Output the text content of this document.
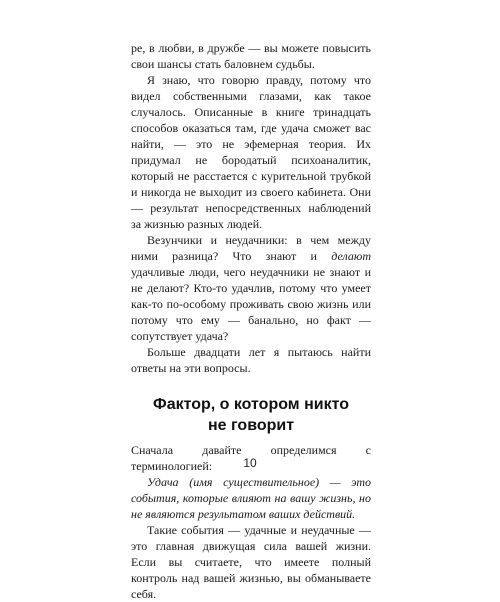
ре, в любви, в дружбе — вы можете повысить свои шансы стать баловнем судьбы.

Я знаю, что говорю правду, потому что видел собственными глазами, как такое случалось. Описанные в книге тринадцать способов оказаться там, где удача сможет вас найти, — это не эфемерная теория. Их придумал не бородатый психоаналитик, который не расстается с курительной трубкой и никогда не выходит из своего кабинета. Они — результат непосредственных наблюдений за жизнью разных людей.

Везунчики и неудачники: в чем между ними разница? Что знают и делают удачливые люди, чего неудачники не знают и не делают? Кто-то удачлив, потому что умеет как-то по-особому проживать свою жизнь или потому что ему — банально, но факт — сопутствует удача?

Больше двадцати лет я пытаюсь найти ответы на эти вопросы.

Фактор, о котором никто
не говорит

Сначала давайте определимся с терминологией:

Удача (имя существительное) — это события, которые влияют на вашу жизнь, но не являются результатом ваших действий.

Такие события — удачные и неудачные — это главная движущая сила вашей жизни. Если вы считаете, что имеете полный контроль над вашей жизнью, вы обманываете себя.

10
